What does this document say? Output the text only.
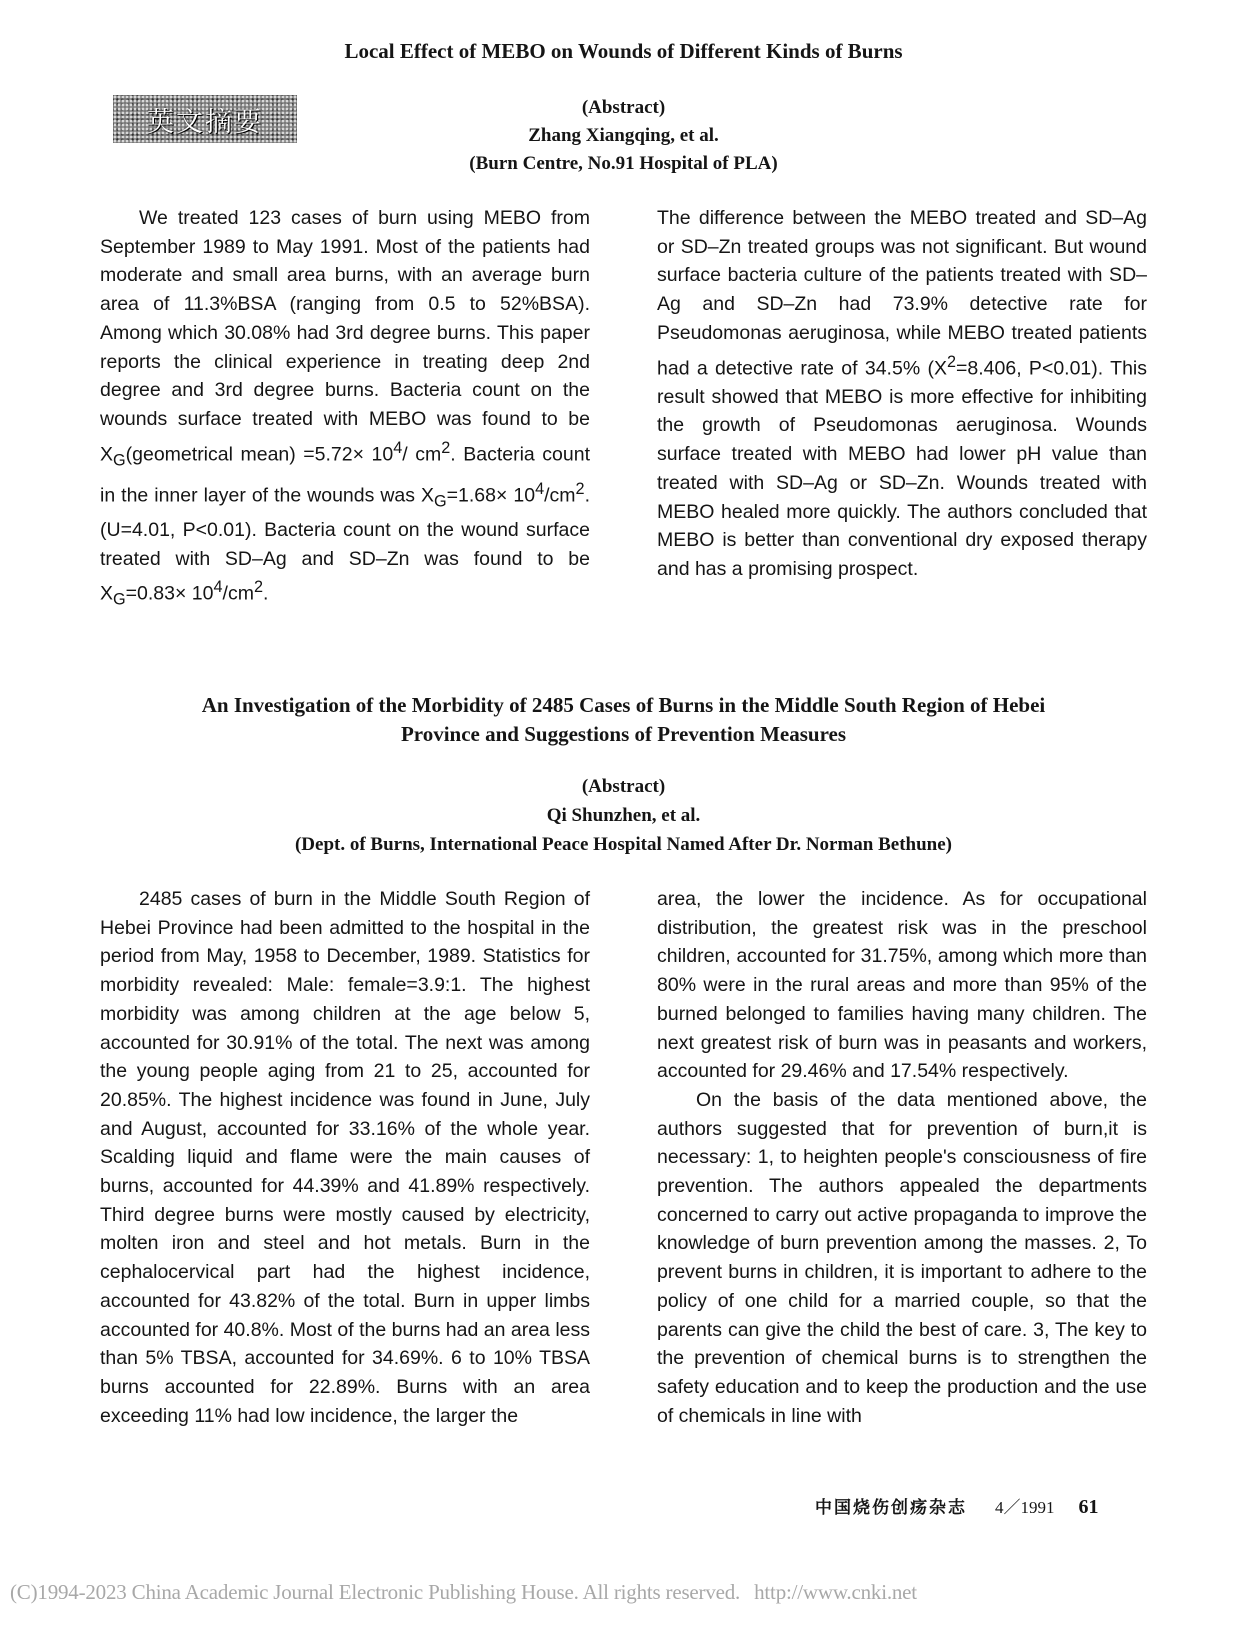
Local Effect of MEBO on Wounds of Different Kinds of Burns
英文摘要	(Abstract)
Zhang Xiangqing, et al.
(Burn Centre, No.91 Hospital of PLA)
We treated 123 cases of burn using MEBO from September 1989 to May 1991. Most of the patients had moderate and small area burns, with an average burn area of 11.3%BSA (ranging from 0.5 to 52%BSA). Among which 30.08% had 3rd degree burns. This paper reports the clinical experience in treating deep 2nd degree and 3rd degree burns. Bacteria count on the wounds surface treated with MEBO was found to be $X_G(geometrical$ mean) $=5.72\times 10^4/$ $cm^2$. Bacteria count in the inner layer of the wounds was $X_G=1.68\times 10^4/cm^2$. (U=4.01, P<0.01). Bacteria count on the wound surface treated with SD–Ag and SD–Zn was found to be $X_G=0.83\times 10^4/cm^2$.
The difference between the MEBO treated and SD–Ag or SD–Zn treated groups was not significant. But wound surface bacteria culture of the patients treated with SD–Ag and SD–Zn had 73.9% detective rate for Pseudomonas aeruginosa, while MEBO treated patients had a detective rate of 34.5% ($X^2=8.406$, P<0.01). This result showed that MEBO is more effective for inhibiting the growth of Pseudomonas aeruginosa. Wounds surface treated with MEBO had lower pH value than treated with SD–Ag or SD–Zn. Wounds treated with MEBO healed more quickly. The authors concluded that MEBO is better than conventional dry exposed therapy and has a promising prospect.
An Investigation of the Morbidity of 2485 Cases of Burns in the Middle South Region of Hebei
Province and Suggestions of Prevention Measures
(Abstract)
Qi Shunzhen, et al.
(Dept. of Burns, International Peace Hospital Named After Dr. Norman Bethune)

2485 cases of burn in the Middle South Region of Hebei Province had been admitted to the hospital in the period from May, 1958 to December, 1989. Statistics for morbidity revealed: Male: female=3.9:1. The highest morbidity was among children at the age below 5, accounted for 30.91% of the total. The next was among the young people aging from 21 to 25, accounted for 20.85%. The highest incidence was found in June, July and August, accounted for 33.16% of the whole year. Scalding liquid and flame were the main causes of burns, accounted for 44.39% and 41.89% respectively. Third degree burns were mostly caused by electricity, molten iron and steel and hot metals. Burn in the cephalocervical part had the highest incidence, accounted for 43.82% of the total. Burn in upper limbs accounted for 40.8%. Most of the burns had an area less than 5% TBSA, accounted for 34.69%. 6 to 10% TBSA burns accounted for 22.89%. Burns with an area exceeding 11% had low incidence, the larger the

area, the lower the incidence. As for occupational distribution, the greatest risk was in the preschool children, accounted for 31.75%, among which more than 80% were in the rural areas and more than 95% of the burned belonged to families having many children. The next greatest risk of burn was in peasants and workers, accounted for 29.46% and 17.54% respectively.

On the basis of the data mentioned above, the authors suggested that for prevention of burn,it is necessary: 1, to heighten people's consciousness of fire prevention. The authors appealed the departments concerned to carry out active propaganda to improve the knowledge of burn prevention among the masses. 2, To prevent burns in children, it is important to adhere to the policy of one child for a married couple, so that the parents can give the child the best of care. 3, The key to the prevention of chemical burns is to strengthen the safety education and to keep the production and the use of chemicals in line with

中国烧伤创疡杂志 4／1991 61
(C)1994-2023 China Academic Journal Electronic Publishing House. All rights reserved. http://www.cnki.net
